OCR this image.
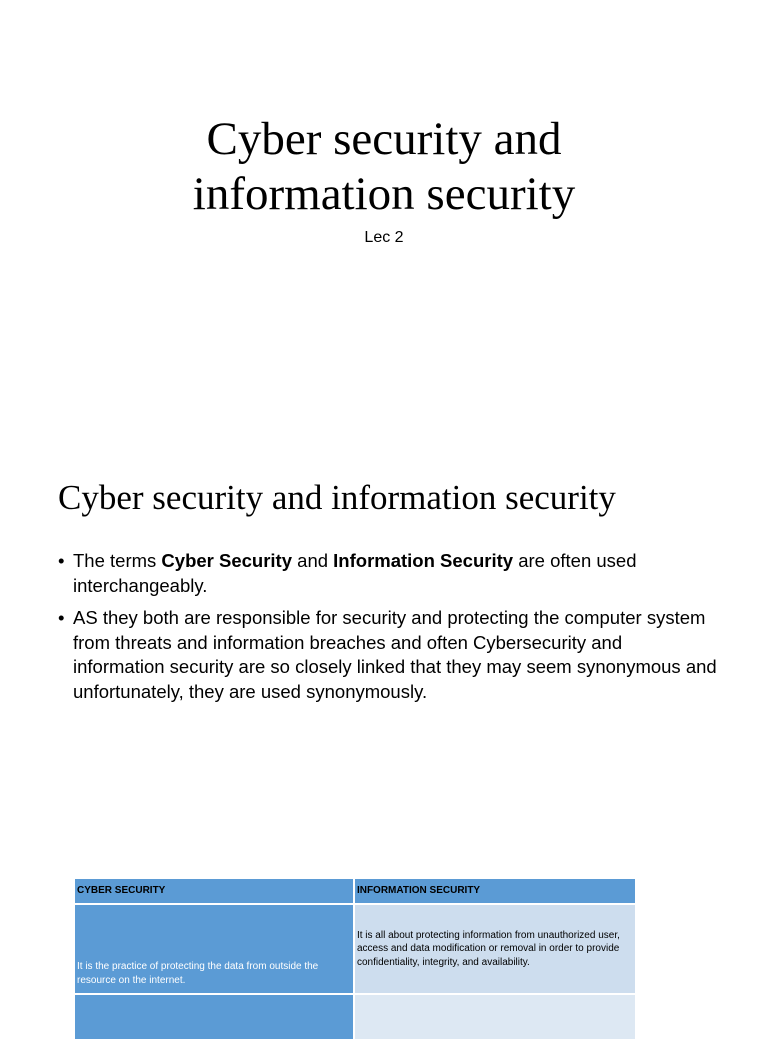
Cyber security and
information security
Lec 2
Cyber security and information security
• The terms Cyber Security and Information Security are often used interchangeably.
• AS they both are responsible for security and protecting the computer system from threats and information breaches and often Cybersecurity and information security are so closely linked that they may seem synonymous and unfortunately, they are used synonymously.
CYBER SECURITY	INFORMATION SECURITY
It is the practice of protecting the data from outside the resource on the internet.	It is all about protecting information from unauthorized user, access and data modification or removal in order to provide confidentiality, integrity, and availability.
